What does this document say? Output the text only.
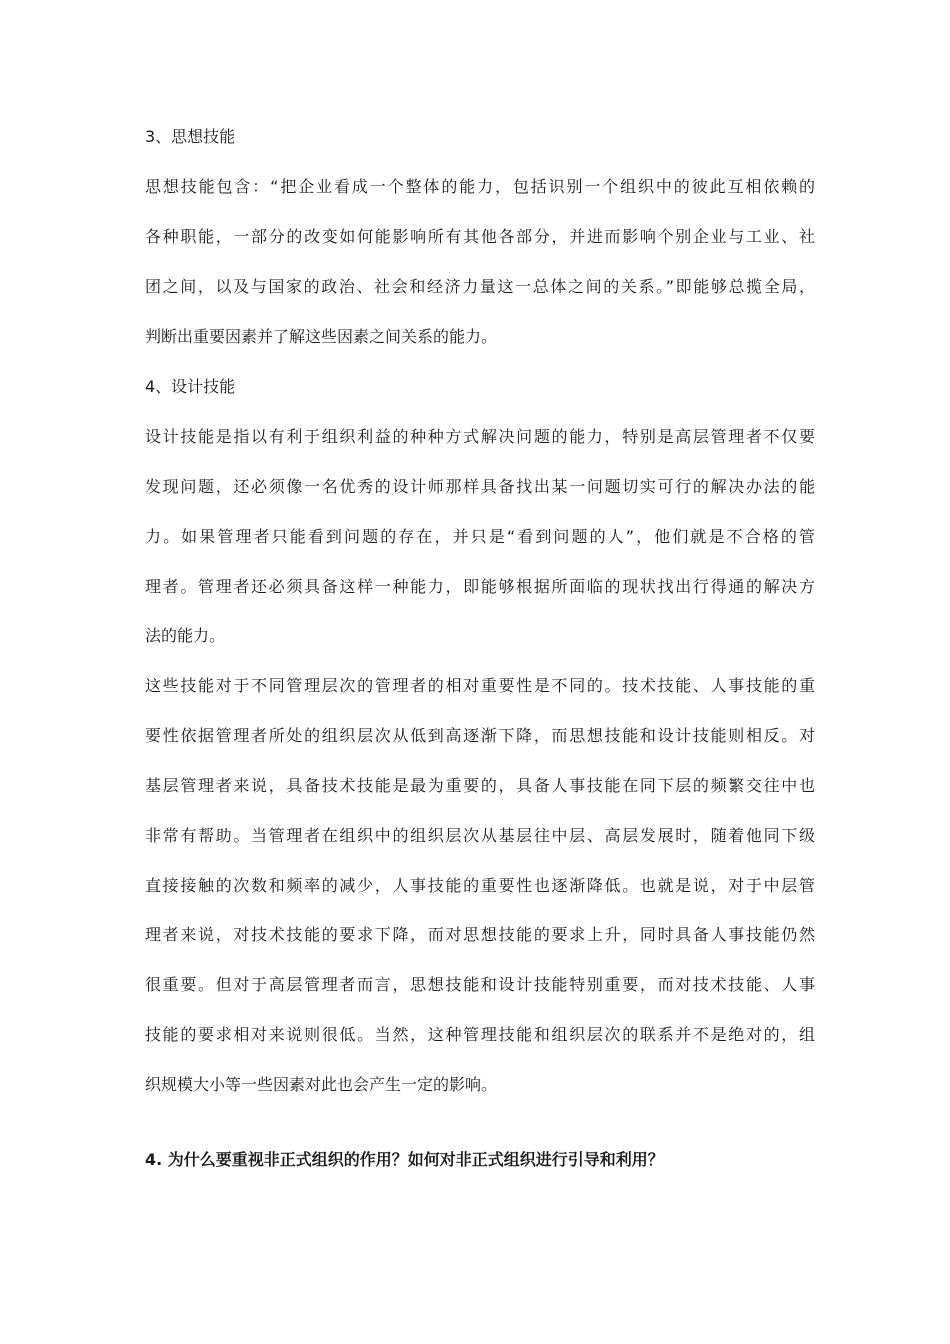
3、思想技能
思想技能包含：“把企业看成一个整体的能力，包括识别一个组织中的彼此互相依赖的
各种职能，一部分的改变如何能影响所有其他各部分，并进而影响个别企业与工业、社
团之间，以及与国家的政治、社会和经济力量这一总体之间的关系。”即能够总揽全局，
判断出重要因素并了解这些因素之间关系的能力。
4、设计技能
设计技能是指以有利于组织利益的种种方式解决问题的能力，特别是高层管理者不仅要
发现问题，还必须像一名优秀的设计师那样具备找出某一问题切实可行的解决办法的能
力。如果管理者只能看到问题的存在，并只是“看到问题的人”，他们就是不合格的管
理者。管理者还必须具备这样一种能力，即能够根据所面临的现状找出行得通的解决方
法的能力。
这些技能对于不同管理层次的管理者的相对重要性是不同的。技术技能、人事技能的重
要性依据管理者所处的组织层次从低到高逐渐下降，而思想技能和设计技能则相反。对
基层管理者来说，具备技术技能是最为重要的，具备人事技能在同下层的频繁交往中也
非常有帮助。当管理者在组织中的组织层次从基层往中层、高层发展时，随着他同下级
直接接触的次数和频率的减少，人事技能的重要性也逐渐降低。也就是说，对于中层管
理者来说，对技术技能的要求下降，而对思想技能的要求上升，同时具备人事技能仍然
很重要。但对于高层管理者而言，思想技能和设计技能特别重要，而对技术技能、人事
技能的要求相对来说则很低。当然，这种管理技能和组织层次的联系并不是绝对的，组
织规模大小等一些因素对此也会产生一定的影响。
4. 为什么要重视非正式组织的作用？如何对非正式组织进行引导和利用？
